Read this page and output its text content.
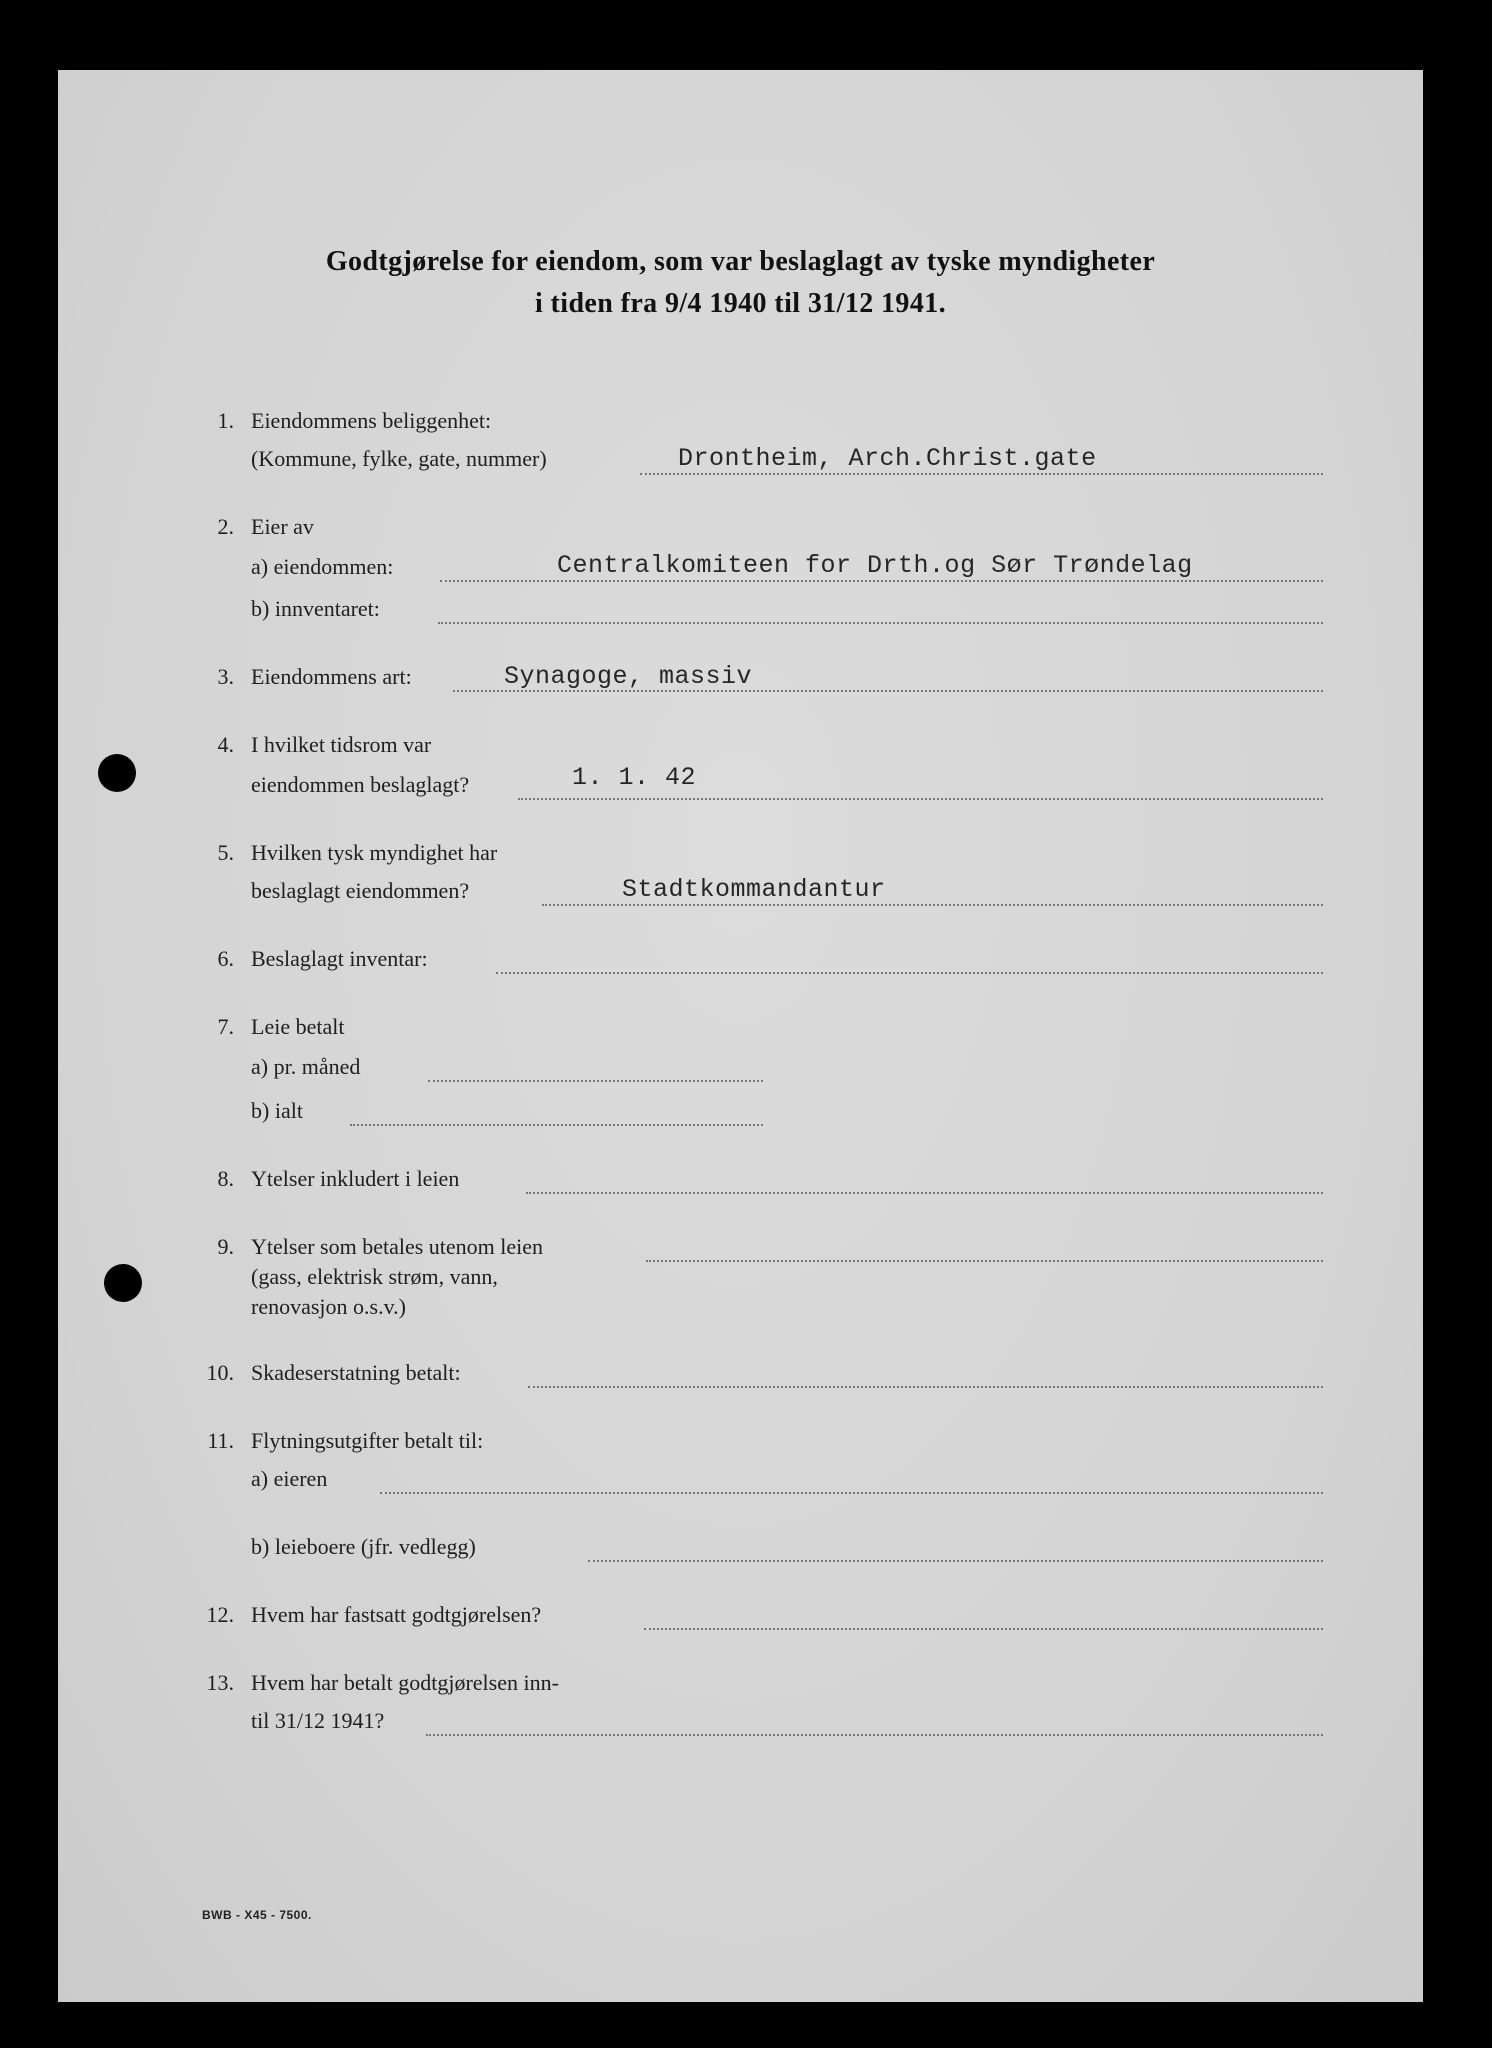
Godtgjørelse for eiendom, som var beslaglagt av tyske myndigheter
i tiden fra 9/4 1940 til 31/12 1941.
1. Eiendommens beliggenhet:
(Kommune, fylke, gate, nummer)	Drontheim, Arch.Christ.gate
2. Eier av
a) eiendommen:	Centralkomiteen for Drth.og Sør Trøndelag
b) innventaret:
3. Eiendommens art:	Synagoge, massiv
4. I hvilket tidsrom var
eiendommen beslaglagt?	1. 1. 42
5. Hvilken tysk myndighet har
beslaglagt eiendommen?	Stadtkommandantur
6. Beslaglagt inventar:
7. Leie betalt
a) pr. måned
b) ialt
8. Ytelser inkludert i leien
9. Ytelser som betales utenom leien
(gass, elektrisk strøm, vann,
renovasjon o.s.v.)
10. Skadeserstatning betalt:
11. Flytningsutgifter betalt til:
a) eieren
b) leieboere (jfr. vedlegg)
12. Hvem har fastsatt godtgjørelsen?
13. Hvem har betalt godtgjørelsen inn-
til 31/12 1941?
BWB - X45 - 7500.
